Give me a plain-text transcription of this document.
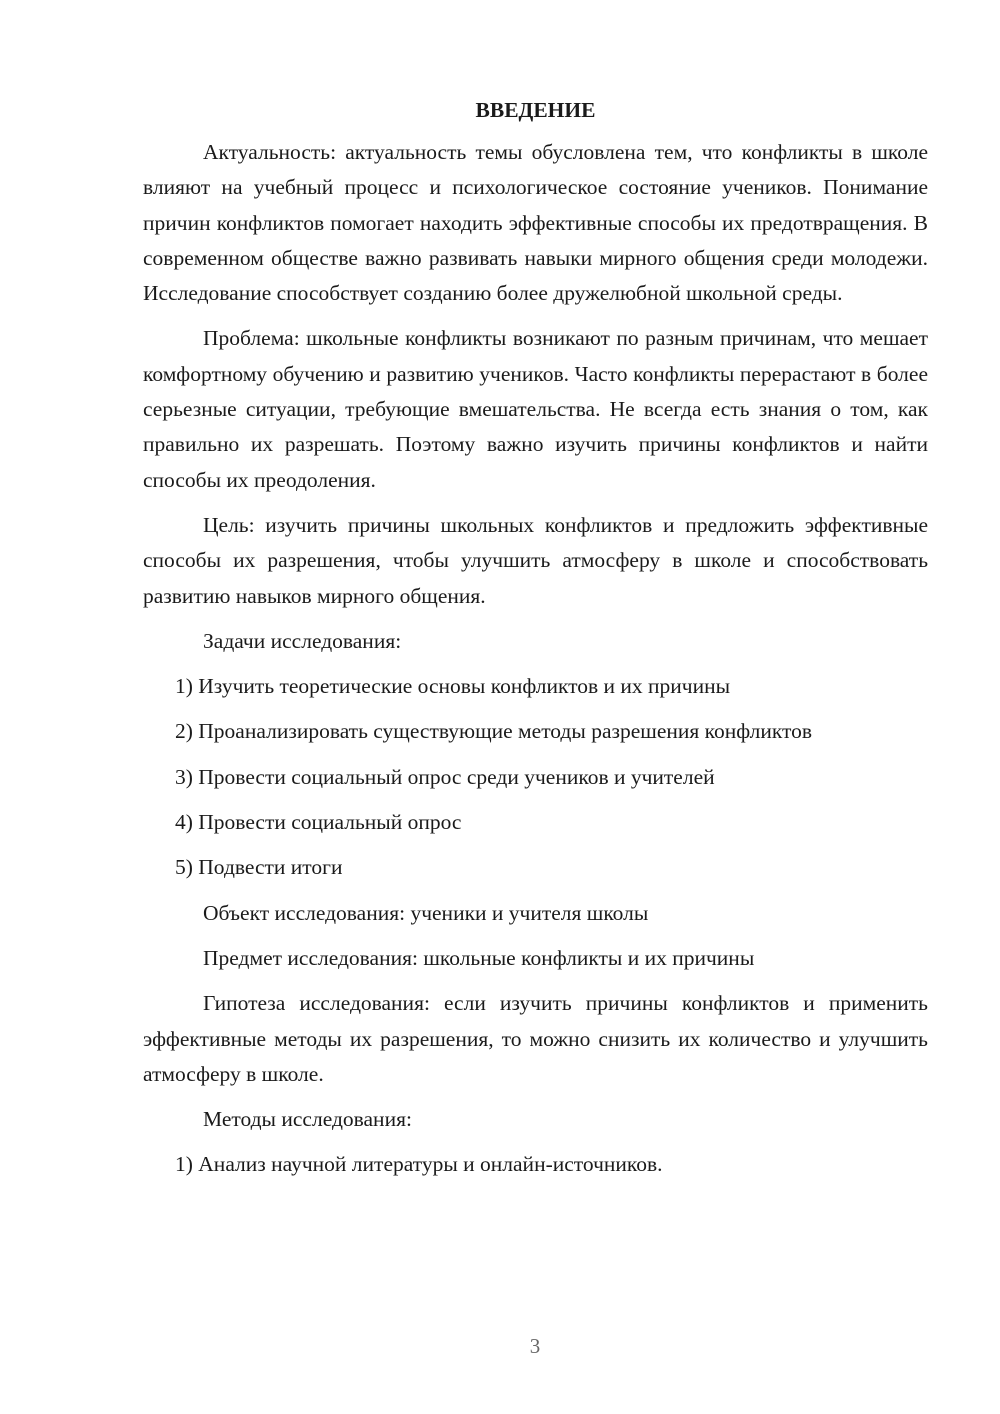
ВВЕДЕНИЕ

Актуальность: актуальность темы обусловлена тем, что конфликты в школе влияют на учебный процесс и психологическое состояние учеников. Понимание причин конфликтов помогает находить эффективные способы их предотвращения. В современном обществе важно развивать навыки мирного общения среди молодежи. Исследование способствует созданию более дружелюбной школьной среды.

Проблема: школьные конфликты возникают по разным причинам, что мешает комфортному обучению и развитию учеников. Часто конфликты перерастают в более серьезные ситуации, требующие вмешательства. Не всегда есть знания о том, как правильно их разрешать. Поэтому важно изучить причины конфликтов и найти способы их преодоления.

Цель: изучить причины школьных конфликтов и предложить эффективные способы их разрешения, чтобы улучшить атмосферу в школе и способствовать развитию навыков мирного общения.

Задачи исследования:
1) Изучить теоретические основы конфликтов и их причины
2) Проанализировать существующие методы разрешения конфликтов
3) Провести социальный опрос среди учеников и учителей
4) Провести социальный опрос
5) Подвести итоги
Объект исследования: ученики и учителя школы
Предмет исследования: школьные конфликты и их причины

Гипотеза исследования: если изучить причины конфликтов и применить эффективные методы их разрешения, то можно снизить их количество и улучшить атмосферу в школе.

Методы исследования:
1) Анализ научной литературы и онлайн-источников.
3
